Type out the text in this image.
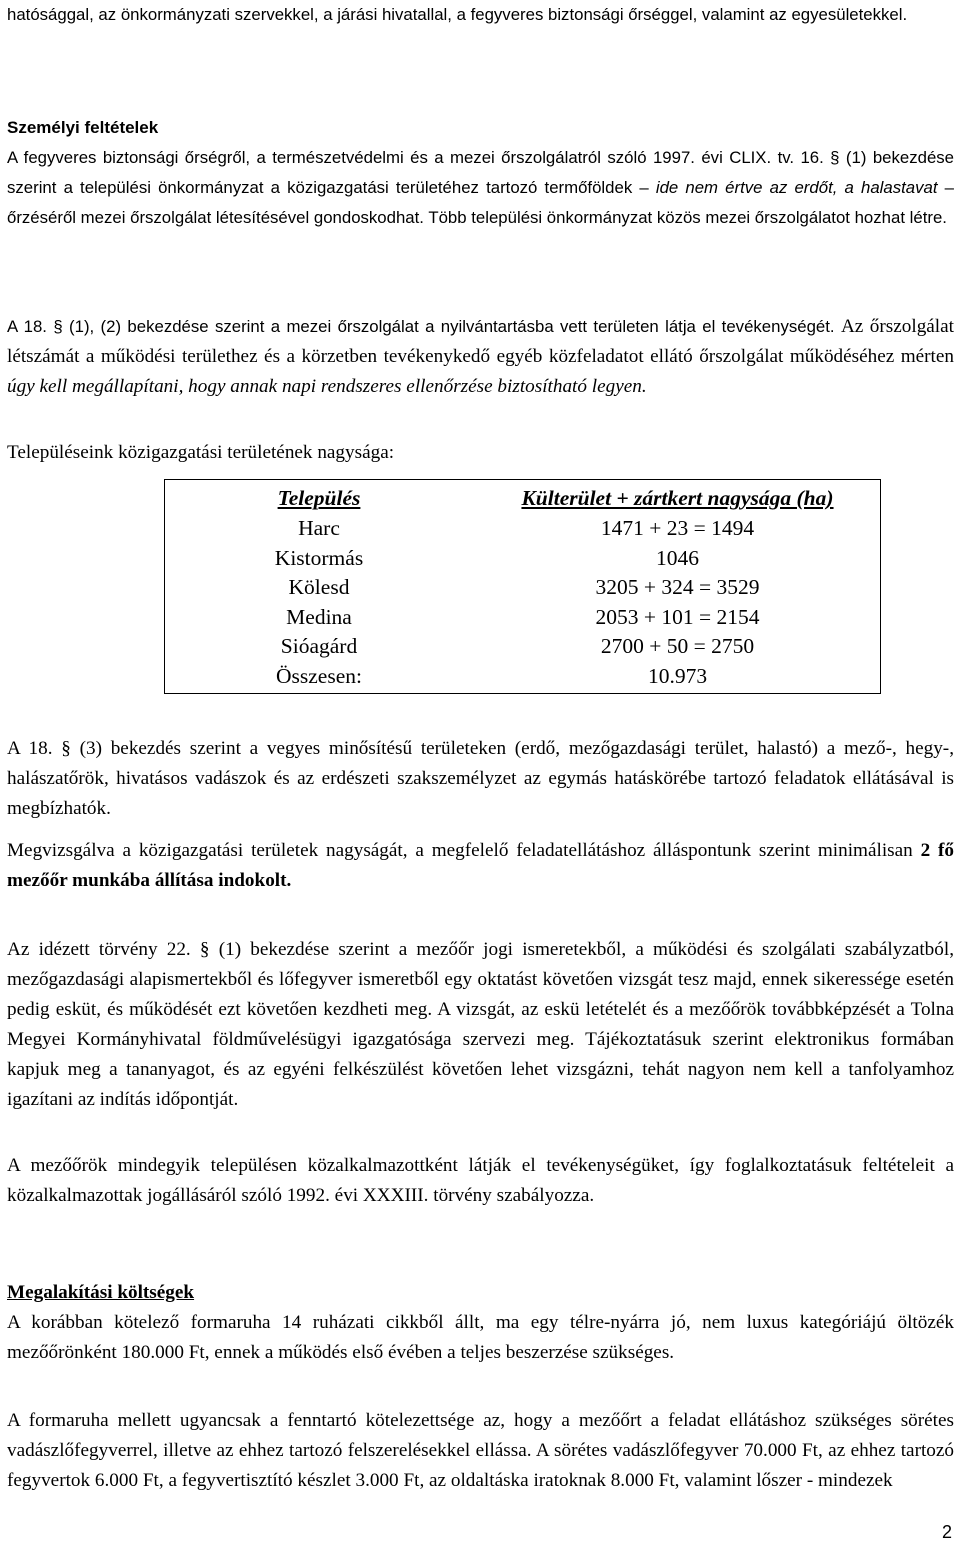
hatósággal, az önkormányzati szervekkel, a járási hivatallal, a fegyveres biztonsági őrséggel, valamint az egyesületekkel.

Személyi feltételek

A fegyveres biztonsági őrségről, a természetvédelmi és a mezei őrszolgálatról szóló 1997. évi CLIX. tv. 16. § (1) bekezdése szerint a települési önkormányzat a közigazgatási területéhez tartozó termőföldek – ide nem értve az erdőt, a halastavat – őrzéséről mezei őrszolgálat létesítésével gondoskodhat. Több települési önkormányzat közös mezei őrszolgálatot hozhat létre.

A 18. § (1), (2) bekezdése szerint a mezei őrszolgálat a nyilvántartásba vett területen látja el tevékenységét. Az őrszolgálat létszámát a működési területhez és a körzetben tevékenykedő egyéb közfeladatot ellátó őrszolgálat működéséhez mérten úgy kell megállapítani, hogy annak napi rendszeres ellenőrzése biztosítható legyen.

Településeink közigazgatási területének nagysága:

Település	Külterület + zártkert nagysága (ha)
Harc	1471 + 23 = 1494
Kistormás	1046
Kölesd	3205 + 324 = 3529
Medina	2053 + 101 = 2154
Sióagárd	2700 + 50 = 2750
Összesen:	10.973

A 18. § (3) bekezdés szerint a vegyes minősítésű területeken (erdő, mezőgazdasági terület, halastó) a mező-, hegy-, halászatőrök, hivatásos vadászok és az erdészeti szakszemélyzet az egymás hatáskörébe tartozó feladatok ellátásával is megbízhatók.

Megvizsgálva a közigazgatási területek nagyságát, a megfelelő feladatellátáshoz álláspontunk szerint minimálisan 2 fő mezőőr munkába állítása indokolt.

Az idézett törvény 22. § (1) bekezdése szerint a mezőőr jogi ismeretekből, a működési és szolgálati szabályzatból, mezőgazdasági alapismertekből és lőfegyver ismeretből egy oktatást követően vizsgát tesz majd, ennek sikeressége esetén pedig esküt, és működését ezt követően kezdheti meg. A vizsgát, az eskü letételét és a mezőőrök továbbképzését a Tolna Megyei Kormányhivatal földművelésügyi igazgatósága szervezi meg. Tájékoztatásuk szerint elektronikus formában kapjuk meg a tananyagot, és az egyéni felkészülést követően lehet vizsgázni, tehát nagyon nem kell a tanfolyamhoz igazítani az indítás időpontját.

A mezőőrök mindegyik településen közalkalmazottként látják el tevékenységüket, így foglalkoztatásuk feltételeit a közalkalmazottak jogállásáról szóló 1992. évi XXXIII. törvény szabályozza.

Megalakítási költségek

A korábban kötelező formaruha 14 ruházati cikkből állt, ma egy télre-nyárra jó, nem luxus kategóriájú öltözék mezőőrönként 180.000 Ft, ennek a működés első évében a teljes beszerzése szükséges.

A formaruha mellett ugyancsak a fenntartó kötelezettsége az, hogy a mezőőrt a feladat ellátáshoz szükséges sörétes vadászlőfegyverrel, illetve az ehhez tartozó felszerelésekkel ellássa. A sörétes vadászlőfegyver 70.000 Ft, az ehhez tartozó fegyvertok 6.000 Ft, a fegyvertisztító készlet 3.000 Ft, az oldaltáska iratoknak 8.000 Ft, valamint lőszer - mindezek

2
